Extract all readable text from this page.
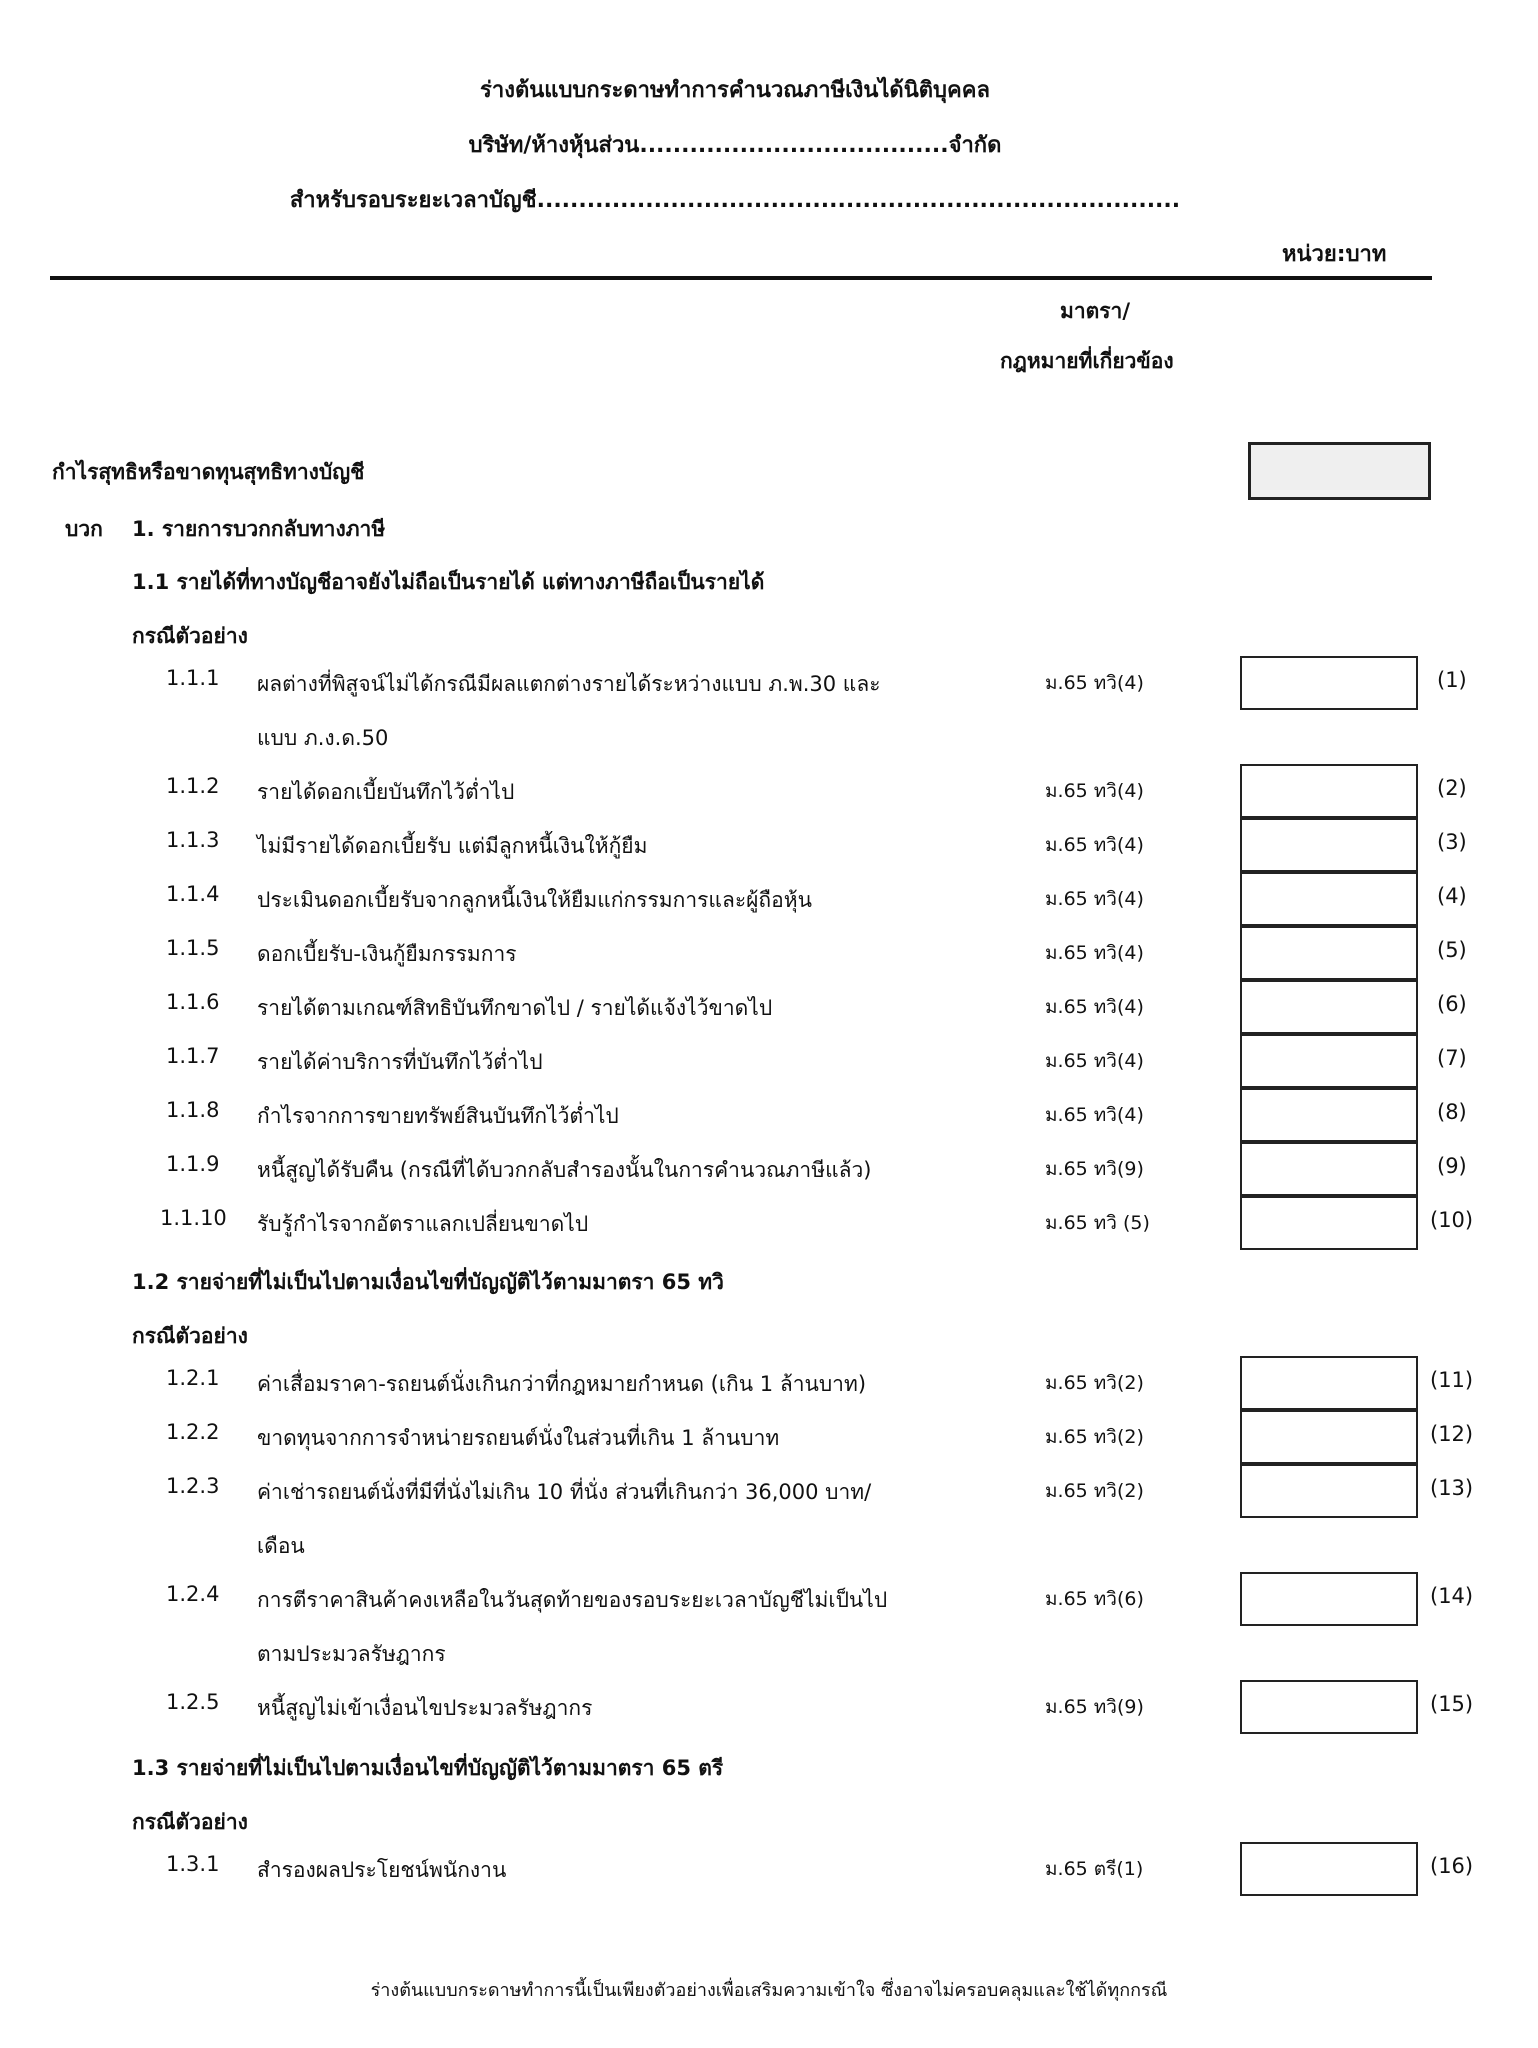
ร่างต้นแบบกระดาษทำการคำนวณภาษีเงินได้นิติบุคคล
บริษัท/ห้างหุ้นส่วน.....................................จำกัด
สำหรับรอบระยะเวลาบัญชี.............................................................................
หน่วย:บาท
มาตรา/
กฎหมายที่เกี่ยวข้อง
กำไรสุทธิหรือขาดทุนสุทธิทางบัญชี
บวก 1. รายการบวกกลับทางภาษี
1.1 รายได้ที่ทางบัญชีอาจยังไม่ถือเป็นรายได้ แต่ทางภาษีถือเป็นรายได้
กรณีตัวอย่าง
1.1.1 ผลต่างที่พิสูจน์ไม่ได้กรณีมีผลแตกต่างรายได้ระหว่างแบบ ภ.พ.30 และ
แบบ ภ.ง.ด.50
ม.65 ทวิ(4)	(1)
1.1.2 รายได้ดอกเบี้ยบันทึกไว้ต่ำไป	ม.65 ทวิ(4)	(2)
1.1.3 ไม่มีรายได้ดอกเบี้ยรับ แต่มีลูกหนี้เงินให้กู้ยืม	ม.65 ทวิ(4)	(3)
1.1.4 ประเมินดอกเบี้ยรับจากลูกหนี้เงินให้ยืมแก่กรรมการและผู้ถือหุ้น	ม.65 ทวิ(4)	(4)
1.1.5 ดอกเบี้ยรับ-เงินกู้ยืมกรรมการ	ม.65 ทวิ(4)	(5)
1.1.6 รายได้ตามเกณฑ์สิทธิบันทึกขาดไป / รายได้แจ้งไว้ขาดไป	ม.65 ทวิ(4)	(6)
1.1.7 รายได้ค่าบริการที่บันทึกไว้ต่ำไป	ม.65 ทวิ(4)	(7)
1.1.8 กำไรจากการขายทรัพย์สินบันทึกไว้ต่ำไป	ม.65 ทวิ(4)	(8)
1.1.9 หนี้สูญได้รับคืน (กรณีที่ได้บวกกลับสำรองนั้นในการคำนวณภาษีแล้ว)	ม.65 ทวิ(9)	(9)
1.1.10 รับรู้กำไรจากอัตราแลกเปลี่ยนขาดไป	ม.65 ทวิ (5)	(10)
1.2 รายจ่ายที่ไม่เป็นไปตามเงื่อนไขที่บัญญัติไว้ตามมาตรา 65 ทวิ
กรณีตัวอย่าง
1.2.1 ค่าเสื่อมราคา-รถยนต์นั่งเกินกว่าที่กฎหมายกำหนด (เกิน 1 ล้านบาท)	ม.65 ทวิ(2)	(11)
1.2.2 ขาดทุนจากการจำหน่ายรถยนต์นั่งในส่วนที่เกิน 1 ล้านบาท	ม.65 ทวิ(2)	(12)
1.2.3 ค่าเช่ารถยนต์นั่งที่มีที่นั่งไม่เกิน 10 ที่นั่ง ส่วนที่เกินกว่า 36,000 บาท/
เดือน
ม.65 ทวิ(2)	(13)
1.2.4 การตีราคาสินค้าคงเหลือในวันสุดท้ายของรอบระยะเวลาบัญชีไม่เป็นไป
ตามประมวลรัษฎากร
ม.65 ทวิ(6)	(14)
1.2.5 หนี้สูญไม่เข้าเงื่อนไขประมวลรัษฎากร	ม.65 ทวิ(9)	(15)
1.3 รายจ่ายที่ไม่เป็นไปตามเงื่อนไขที่บัญญัติไว้ตามมาตรา 65 ตรี
กรณีตัวอย่าง
1.3.1 สำรองผลประโยชน์พนักงาน	ม.65 ตรี(1)	(16)
ร่างต้นแบบกระดาษทำการนี้เป็นเพียงตัวอย่างเพื่อเสริมความเข้าใจ ซึ่งอาจไม่ครอบคลุมและใช้ได้ทุกกรณี
